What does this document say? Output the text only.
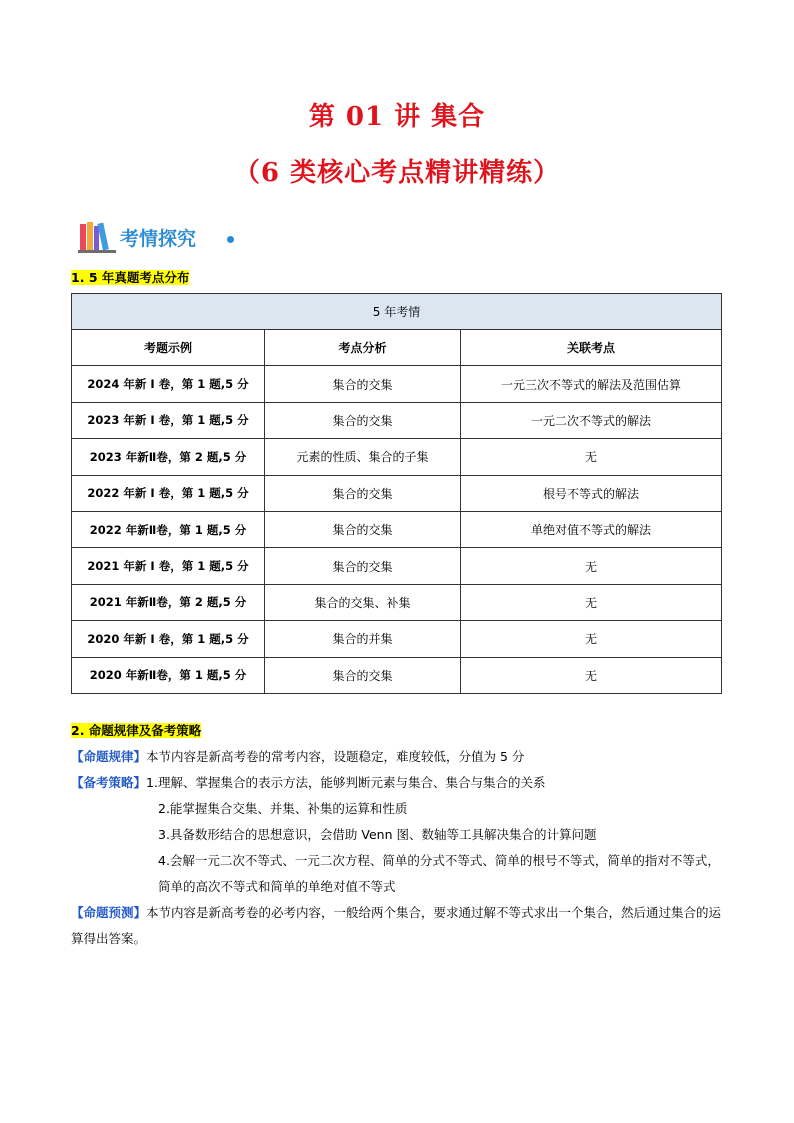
第 01 讲 集合
（6 类核心考点精讲精练）
考情探究
1. 5 年真题考点分布
5 年考情		
考题示例	考点分析	关联考点
2024 年新 I 卷，第 1 题,5 分	集合的交集	一元三次不等式的解法及范围估算
2023 年新 I 卷，第 1 题,5 分	集合的交集	一元二次不等式的解法
2023 年新Ⅱ卷，第 2 题,5 分	元素的性质、集合的子集	无
2022 年新 I 卷，第 1 题,5 分	集合的交集	根号不等式的解法
2022 年新Ⅱ卷，第 1 题,5 分	集合的交集	单绝对值不等式的解法
2021 年新 I 卷，第 1 题,5 分	集合的交集	无
2021 年新Ⅱ卷，第 2 题,5 分	集合的交集、补集	无
2020 年新 I 卷，第 1 题,5 分	集合的并集	无
2020 年新Ⅱ卷，第 1 题,5 分	集合的交集	无
2. 命题规律及备考策略
【命题规律】本节内容是新高考卷的常考内容，设题稳定，难度较低，分值为 5 分
【备考策略】1.理解、掌握集合的表示方法，能够判断元素与集合、集合与集合的关系
2.能掌握集合交集、并集、补集的运算和性质
3.具备数形结合的思想意识，会借助 Venn 图、数轴等工具解决集合的计算问题
4.会解一元二次不等式、一元二次方程、简单的分式不等式、简单的根号不等式，简单的指对不等式，简单的高次不等式和简单的单绝对值不等式
【命题预测】本节内容是新高考卷的必考内容，一般给两个集合，要求通过解不等式求出一个集合，然后通过集合的运算得出答案。
